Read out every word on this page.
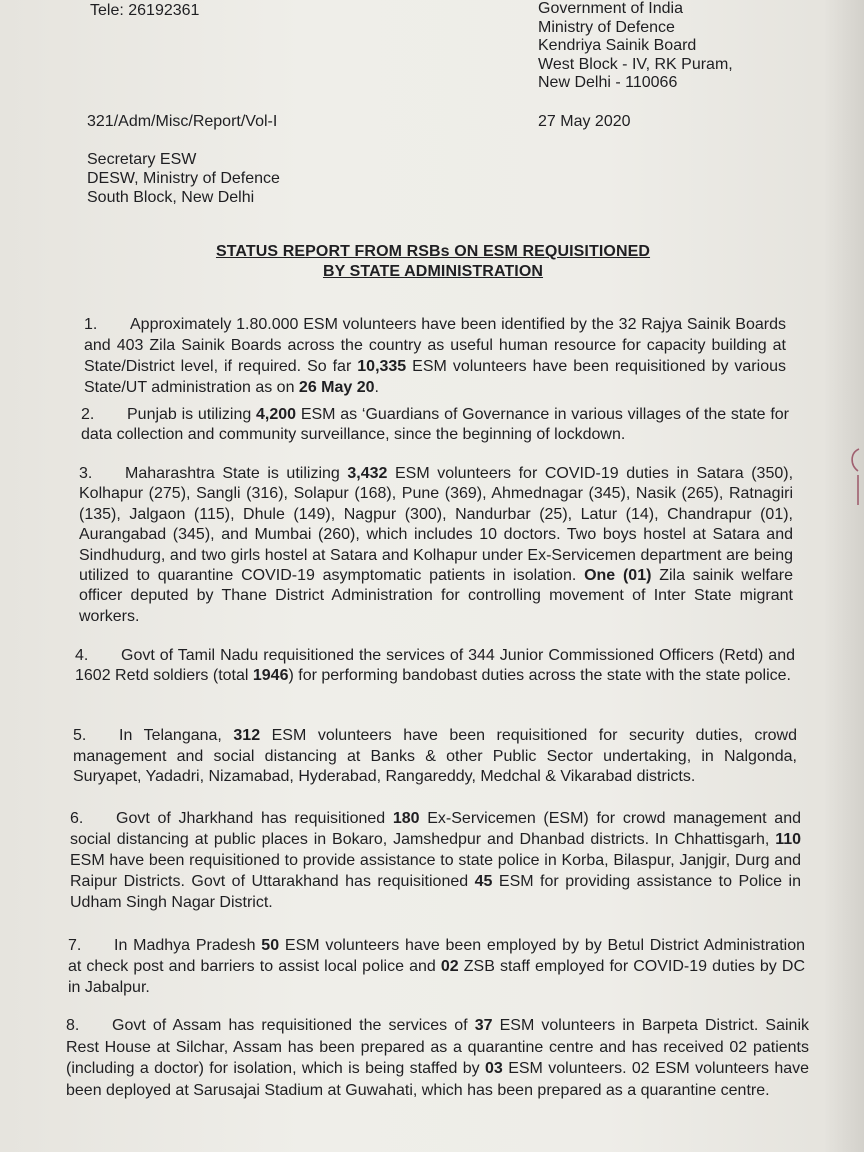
Tele: 26192361	Government of India
Ministry of Defence
Kendriya Sainik Board
West Block - IV, RK Puram,
New Delhi - 110066
321/Adm/Misc/Report/Vol-I	27 May 2020
Secretary ESW
DESW, Ministry of Defence
South Block, New Delhi
STATUS REPORT FROM RSBs ON ESM REQUISITIONED
BY STATE ADMINISTRATION
1. Approximately 1.80.000 ESM volunteers have been identified by the 32 Rajya Sainik Boards and 403 Zila Sainik Boards across the country as useful human resource for capacity building at State/District level, if required. So far 10,335 ESM volunteers have been requisitioned by various State/UT administration as on 26 May 20.
2. Punjab is utilizing 4,200 ESM as ‘Guardians of Governance in various villages of the state for data collection and community surveillance, since the beginning of lockdown.
3. Maharashtra State is utilizing 3,432 ESM volunteers for COVID-19 duties in Satara (350), Kolhapur (275), Sangli (316), Solapur (168), Pune (369), Ahmednagar (345), Nasik (265), Ratnagiri (135), Jalgaon (115), Dhule (149), Nagpur (300), Nandurbar (25), Latur (14), Chandrapur (01), Aurangabad (345), and Mumbai (260), which includes 10 doctors. Two boys hostel at Satara and Sindhudurg, and two girls hostel at Satara and Kolhapur under Ex-Servicemen department are being utilized to quarantine COVID-19 asymptomatic patients in isolation. One (01) Zila sainik welfare officer deputed by Thane District Administration for controlling movement of Inter State migrant workers.
4. Govt of Tamil Nadu requisitioned the services of 344 Junior Commissioned Officers (Retd) and 1602 Retd soldiers (total 1946) for performing bandobast duties across the state with the state police.
5. In Telangana, 312 ESM volunteers have been requisitioned for security duties, crowd management and social distancing at Banks & other Public Sector undertaking, in Nalgonda, Suryapet, Yadadri, Nizamabad, Hyderabad, Rangareddy, Medchal & Vikarabad districts.
6. Govt of Jharkhand has requisitioned 180 Ex-Servicemen (ESM) for crowd management and social distancing at public places in Bokaro, Jamshedpur and Dhanbad districts. In Chhattisgarh, 110 ESM have been requisitioned to provide assistance to state police in Korba, Bilaspur, Janjgir, Durg and Raipur Districts. Govt of Uttarakhand has requisitioned 45 ESM for providing assistance to Police in Udham Singh Nagar District.
7. In Madhya Pradesh 50 ESM volunteers have been employed by by Betul District Administration at check post and barriers to assist local police and 02 ZSB staff employed for COVID-19 duties by DC in Jabalpur.
8. Govt of Assam has requisitioned the services of 37 ESM volunteers in Barpeta District. Sainik Rest House at Silchar, Assam has been prepared as a quarantine centre and has received 02 patients (including a doctor) for isolation, which is being staffed by 03 ESM volunteers. 02 ESM volunteers have been deployed at Sarusajai Stadium at Guwahati, which has been prepared as a quarantine centre.
